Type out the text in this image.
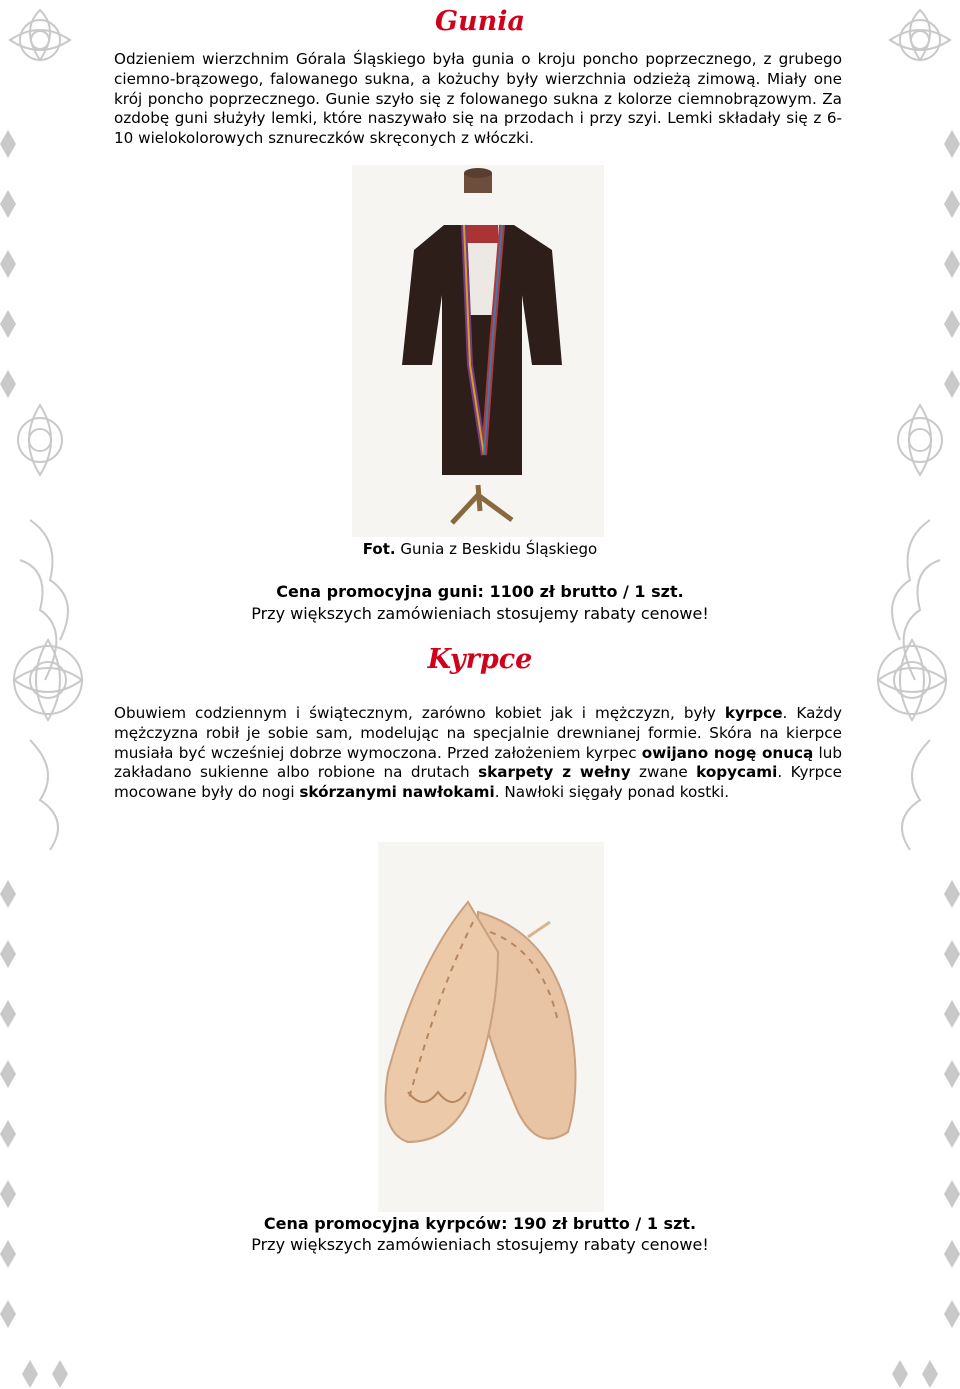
Gunia

Odzieniem wierzchnim Górala Śląskiego była gunia o kroju poncho poprzecznego, z grubego ciemno-brązowego, falowanego sukna, a kożuchy były wierzchnia odzieżą zimową. Miały one krój poncho poprzecznego. Gunie szyło się z folowanego sukna z kolorze ciemnobrązowym. Za ozdobę guni służyły lemki, które naszywało się na przodach i przy szyi. Lemki składały się z 6-10 wielokolorowych sznureczków skręconych z włóczki.

Fot. Gunia z Beskidu Śląskiego

Cena promocyjna guni: 1100 zł brutto / 1 szt.

Przy większych zamówieniach stosujemy rabaty cenowe!

Kyrpce

Obuwiem codziennym i świątecznym, zarówno kobiet jak i mężczyzn, były kyrpce. Każdy mężczyzna robił je sobie sam, modelując na specjalnie drewnianej formie. Skóra na kierpce musiała być wcześniej dobrze wymoczona. Przed założeniem kyrpec owijano nogę onucą lub zakładano sukienne albo robione na drutach skarpety z wełny zwane kopycami. Kyrpce mocowane były do nogi skórzanymi nawłokami. Nawłoki sięgały ponad kostki.

Cena promocyjna kyrpców: 190 zł brutto / 1 szt.

Przy większych zamówieniach stosujemy rabaty cenowe!
